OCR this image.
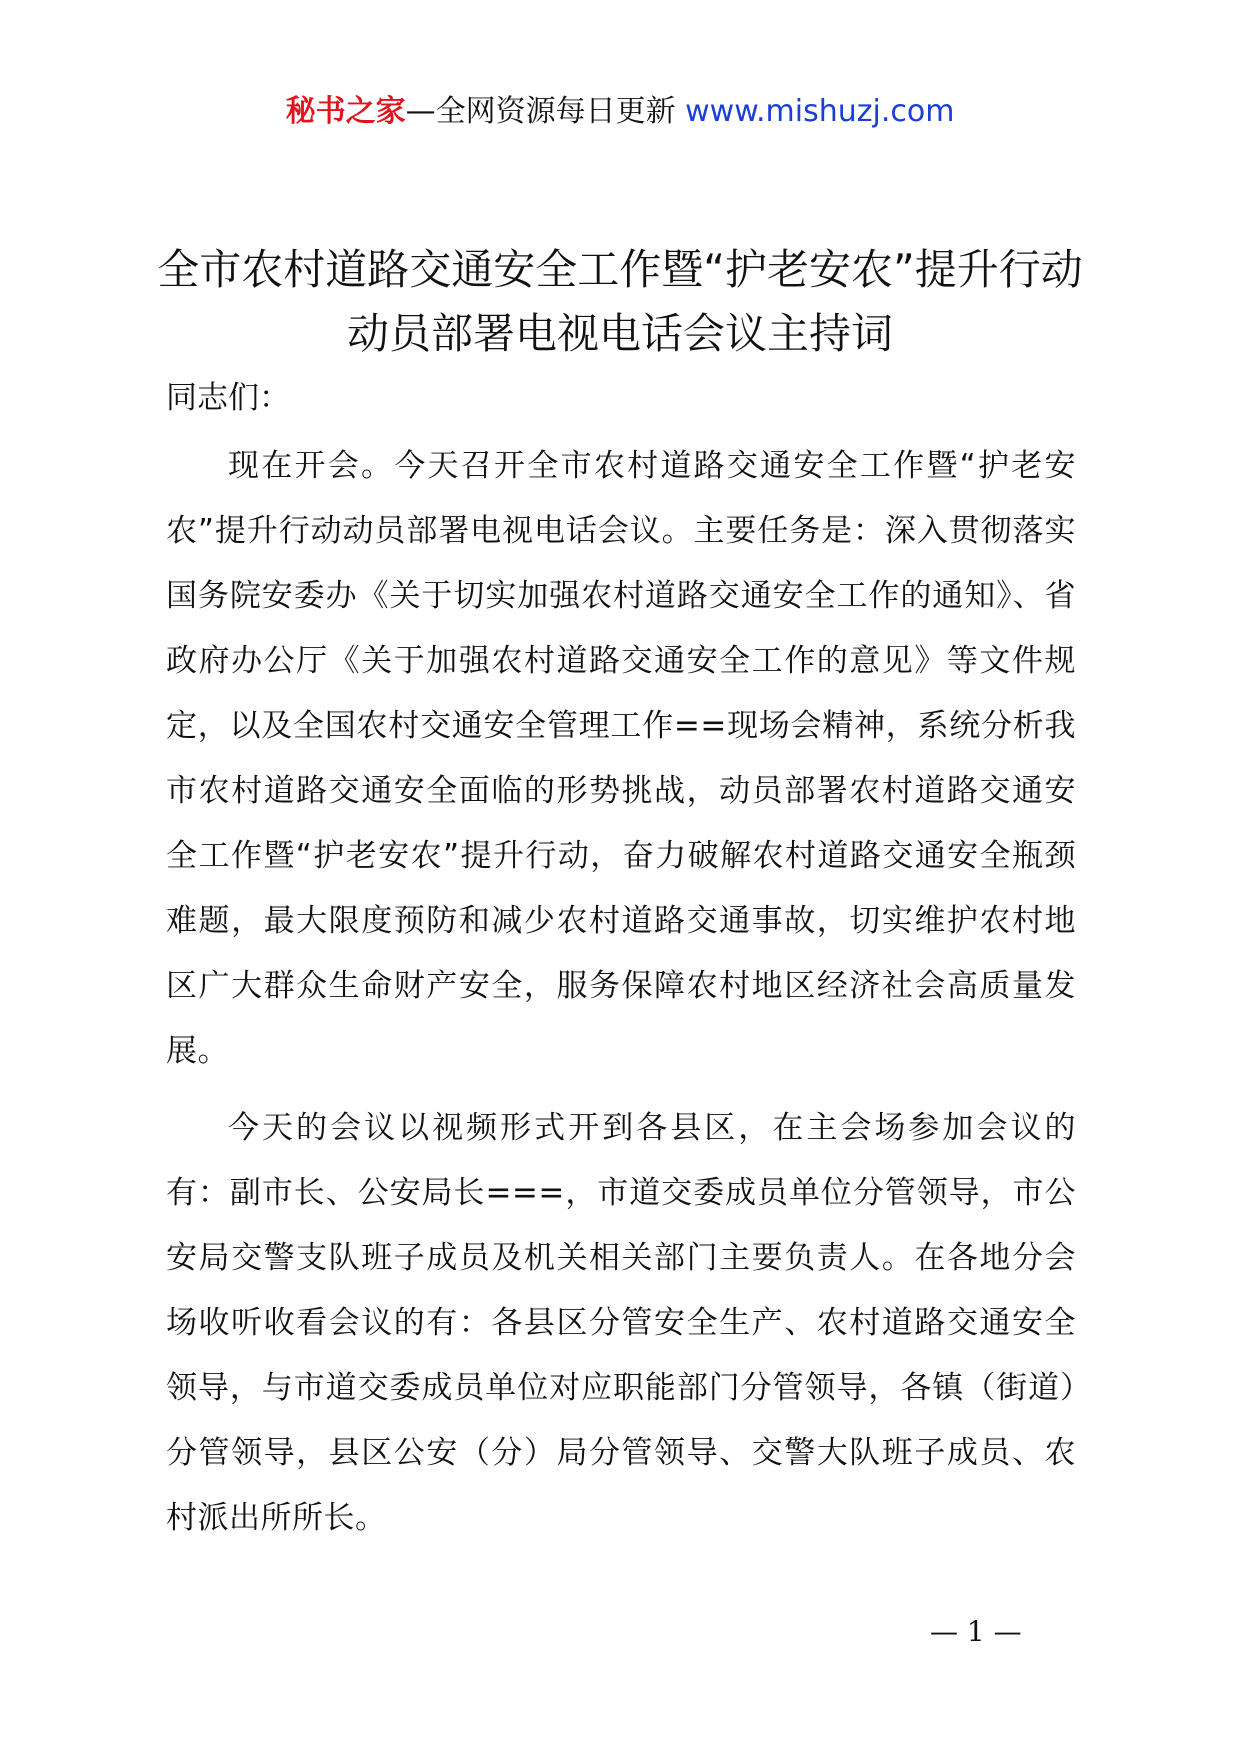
秘书之家—全网资源每日更新 www.mishuzj.com
全市农村道路交通安全工作暨“护老安农”提升行动动员部署电视电话会议主持词
同志们：

现在开会。今天召开全市农村道路交通安全工作暨“护老安农”提升行动动员部署电视电话会议。主要任务是：深入贯彻落实国务院安委办《关于切实加强农村道路交通安全工作的通知》、省政府办公厅《关于加强农村道路交通安全工作的意见》等文件规定，以及全国农村交通安全管理工作==现场会精神，系统分析我市农村道路交通安全面临的形势挑战，动员部署农村道路交通安全工作暨“护老安农”提升行动，奋力破解农村道路交通安全瓶颈难题，最大限度预防和减少农村道路交通事故，切实维护农村地区广大群众生命财产安全，服务保障农村地区经济社会高质量发展。

今天的会议以视频形式开到各县区，在主会场参加会议的有：副市长、公安局长===，市道交委成员单位分管领导，市公安局交警支队班子成员及机关相关部门主要负责人。在各地分会场收听收看会议的有：各县区分管安全生产、农村道路交通安全领导，与市道交委成员单位对应职能部门分管领导，各镇（街道）分管领导，县区公安（分）局分管领导、交警大队班子成员、农村派出所所长。

— 1 —
